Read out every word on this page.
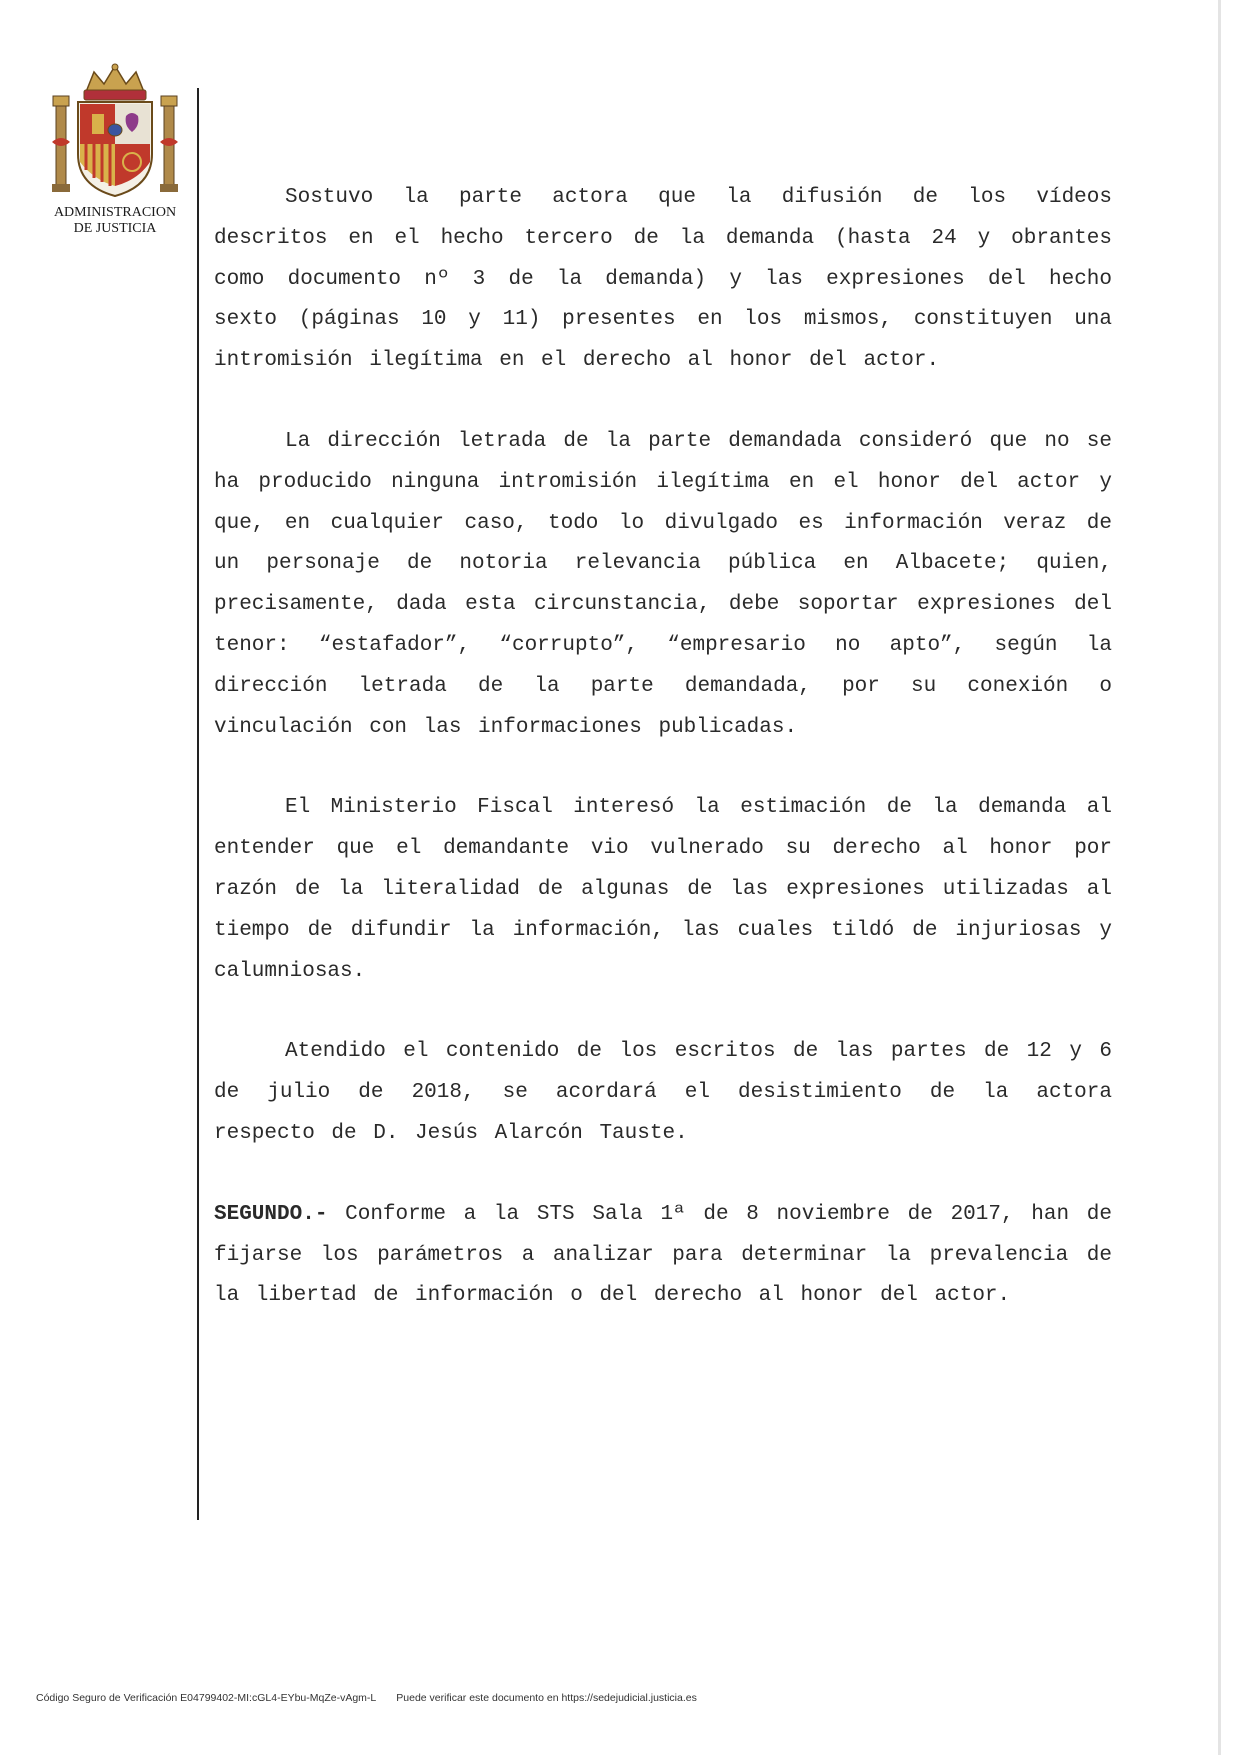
ADMINISTRACION
DE JUSTICIA

Sostuvo la parte actora que la difusión de los vídeos descritos en el hecho tercero de la demanda (hasta 24 y obrantes como documento nº 3 de la demanda) y las expresiones del hecho sexto (páginas 10 y 11) presentes en los mismos, constituyen una intromisión ilegítima en el derecho al honor del actor.

La dirección letrada de la parte demandada consideró que no se ha producido ninguna intromisión ilegítima en el honor del actor y que, en cualquier caso, todo lo divulgado es información veraz de un personaje de notoria relevancia pública en Albacete; quien, precisamente, dada esta circunstancia, debe soportar expresiones del tenor: “estafador”, “corrupto”, “empresario no apto”, según la dirección letrada de la parte demandada, por su conexión o vinculación con las informaciones publicadas.

El Ministerio Fiscal interesó la estimación de la demanda al entender que el demandante vio vulnerado su derecho al honor por razón de la literalidad de algunas de las expresiones utilizadas al tiempo de difundir la información, las cuales tildó de injuriosas y calumniosas.

Atendido el contenido de los escritos de las partes de 12 y 6 de julio de 2018, se acordará el desistimiento de la actora respecto de D. Jesús Alarcón Tauste.

SEGUNDO.- Conforme a la STS Sala 1ª de 8 noviembre de 2017, han de fijarse los parámetros a analizar para determinar la prevalencia de la libertad de información o del derecho al honor del actor.

Código Seguro de Verificación E04799402-MI:cGL4-EYbu-MqZe-vAgm-L Puede verificar este documento en https://sedejudicial.justicia.es
